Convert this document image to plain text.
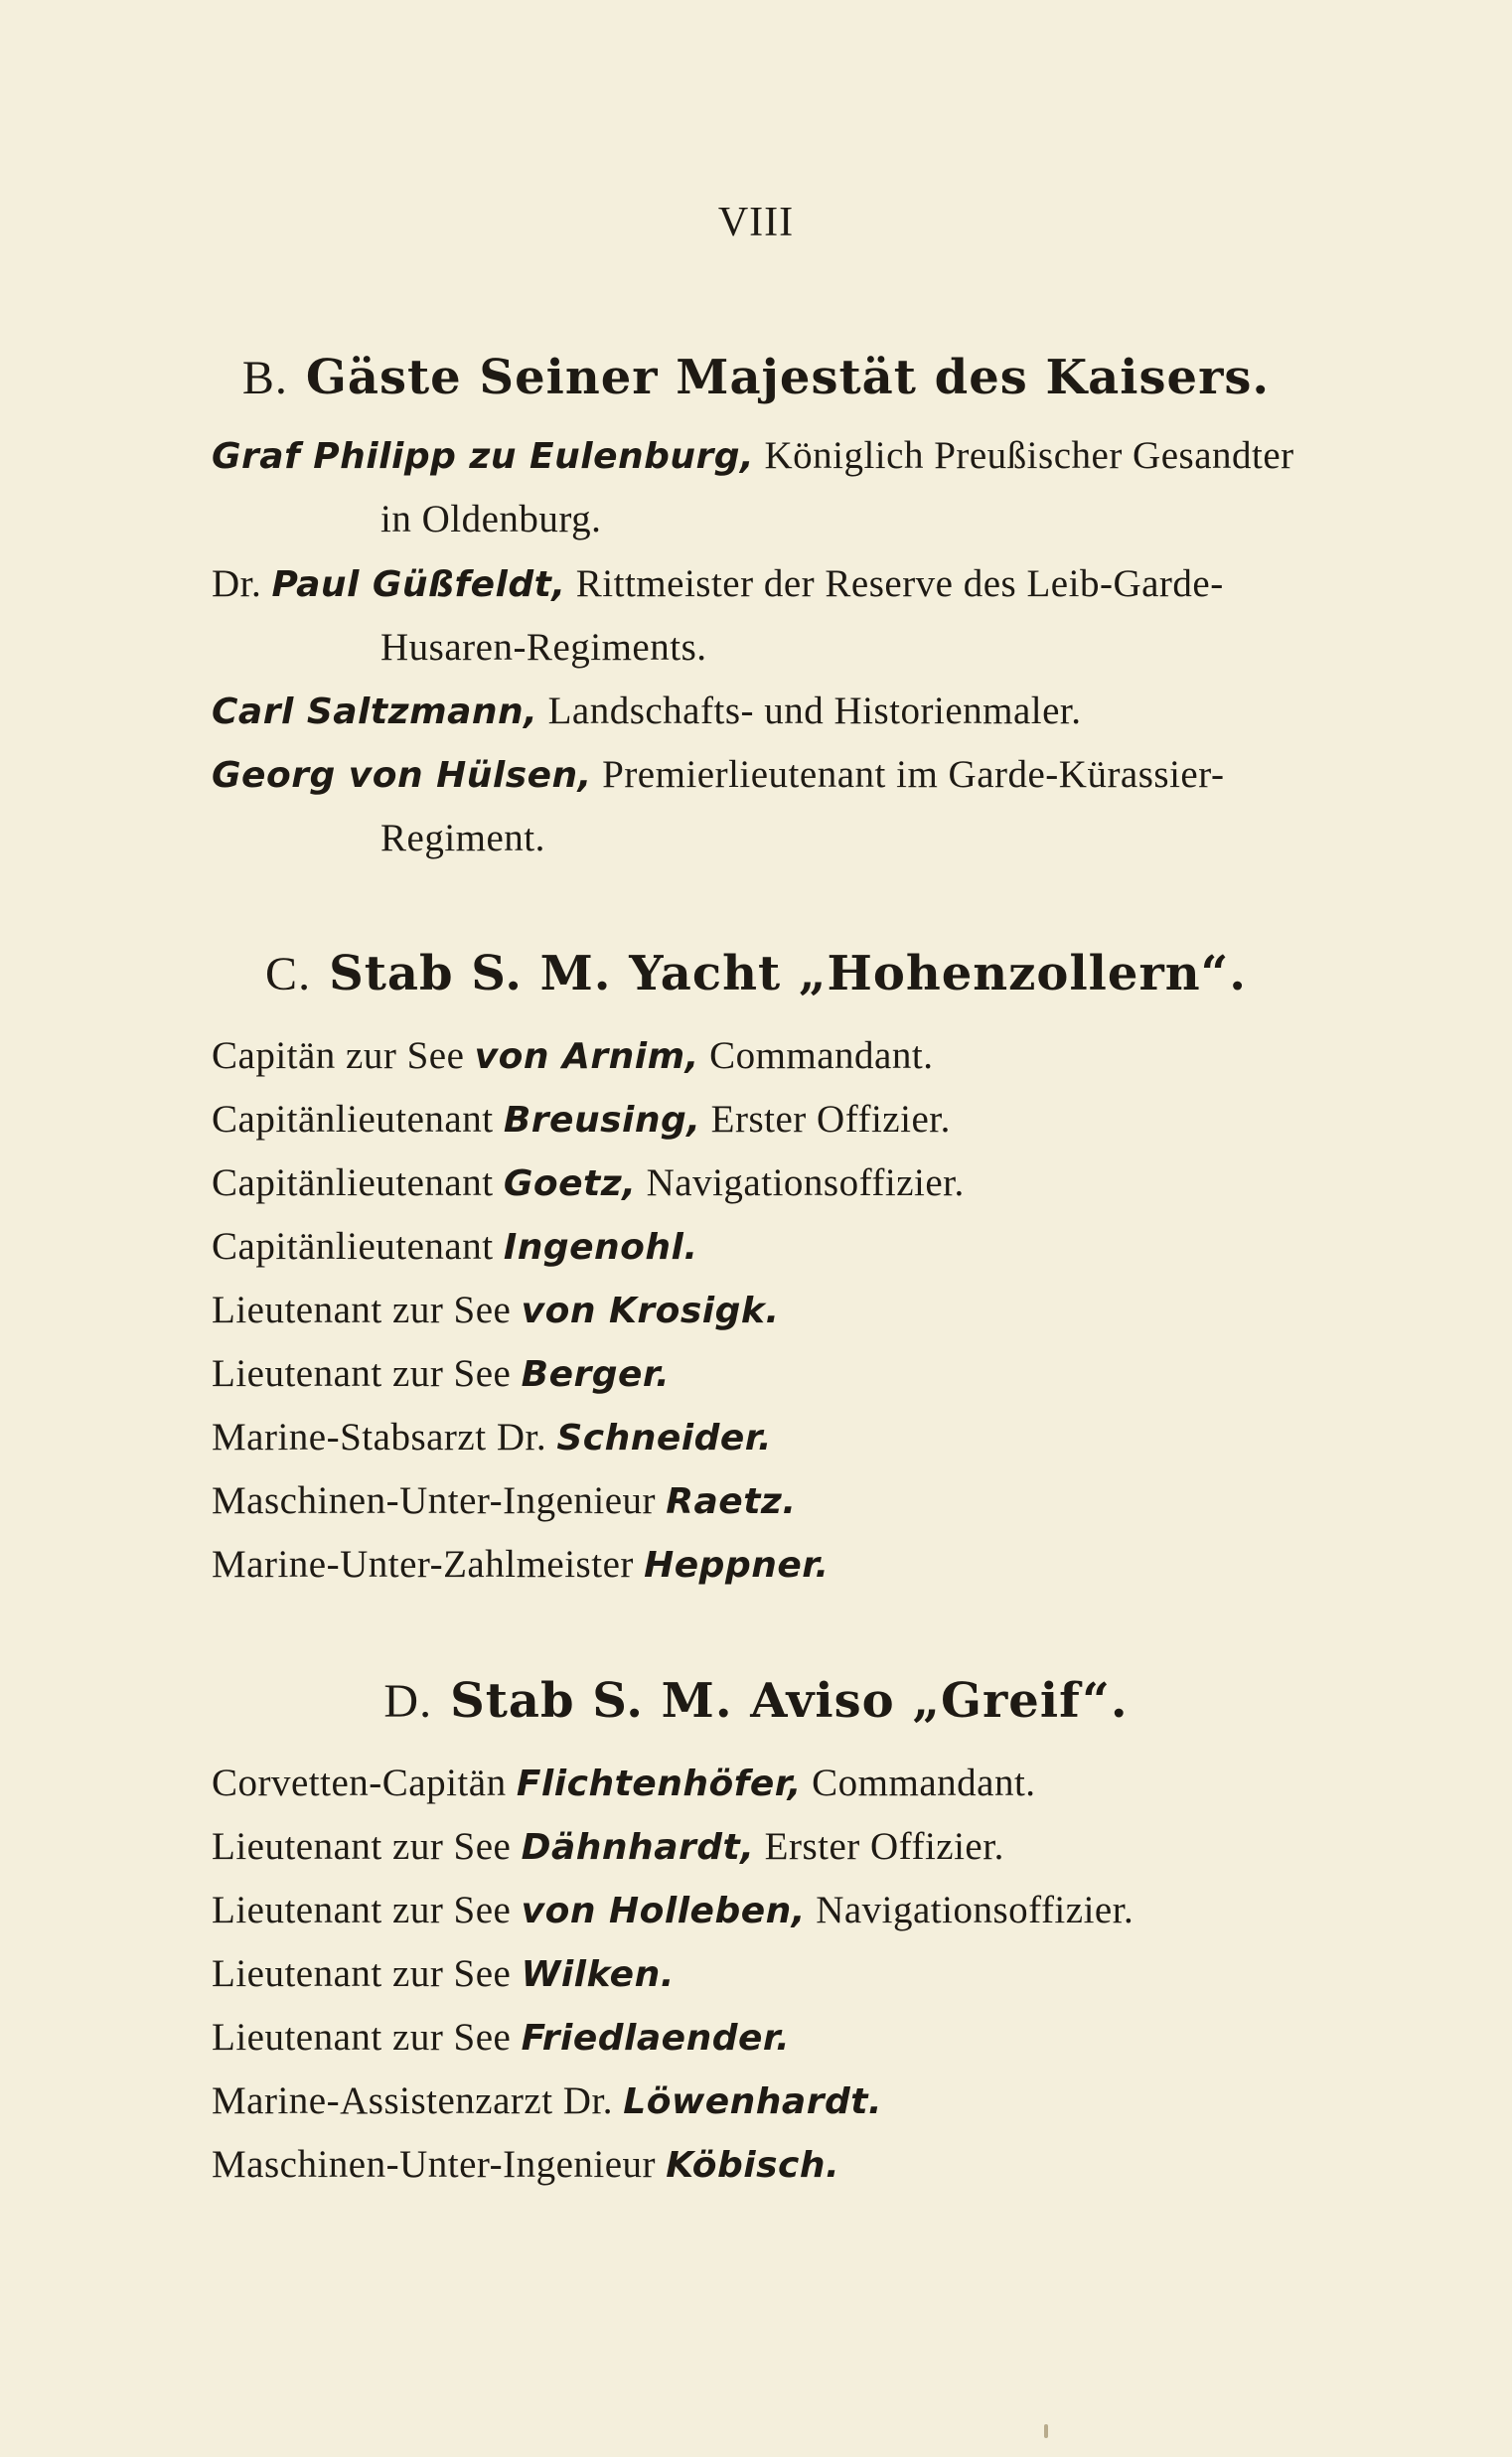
VIII
B. Gäste Seiner Majestät des Kaisers.
Graf Philipp zu Eulenburg, Königlich Preußischer Gesandter
in Oldenburg.
Dr. Paul Güßfeldt, Rittmeister der Reserve des Leib-Garde-
Husaren-Regiments.
Carl Saltzmann, Landschafts- und Historienmaler.
Georg von Hülsen, Premierlieutenant im Garde-Kürassier-
Regiment.
C. Stab S. M. Yacht „Hohenzollern“.
Capitän zur See von Arnim, Commandant.
Capitänlieutenant Breusing, Erster Offizier.
Capitänlieutenant Goetz, Navigationsoffizier.
Capitänlieutenant Ingenohl.
Lieutenant zur See von Krosigk.
Lieutenant zur See Berger.
Marine-Stabsarzt Dr. Schneider.
Maschinen-Unter-Ingenieur Raetz.
Marine-Unter-Zahlmeister Heppner.
D. Stab S. M. Aviso „Greif“.
Corvetten-Capitän Flichtenhöfer, Commandant.
Lieutenant zur See Dähnhardt, Erster Offizier.
Lieutenant zur See von Holleben, Navigationsoffizier.
Lieutenant zur See Wilken.
Lieutenant zur See Friedlaender.
Marine-Assistenzarzt Dr. Löwenhardt.
Maschinen-Unter-Ingenieur Köbisch.
